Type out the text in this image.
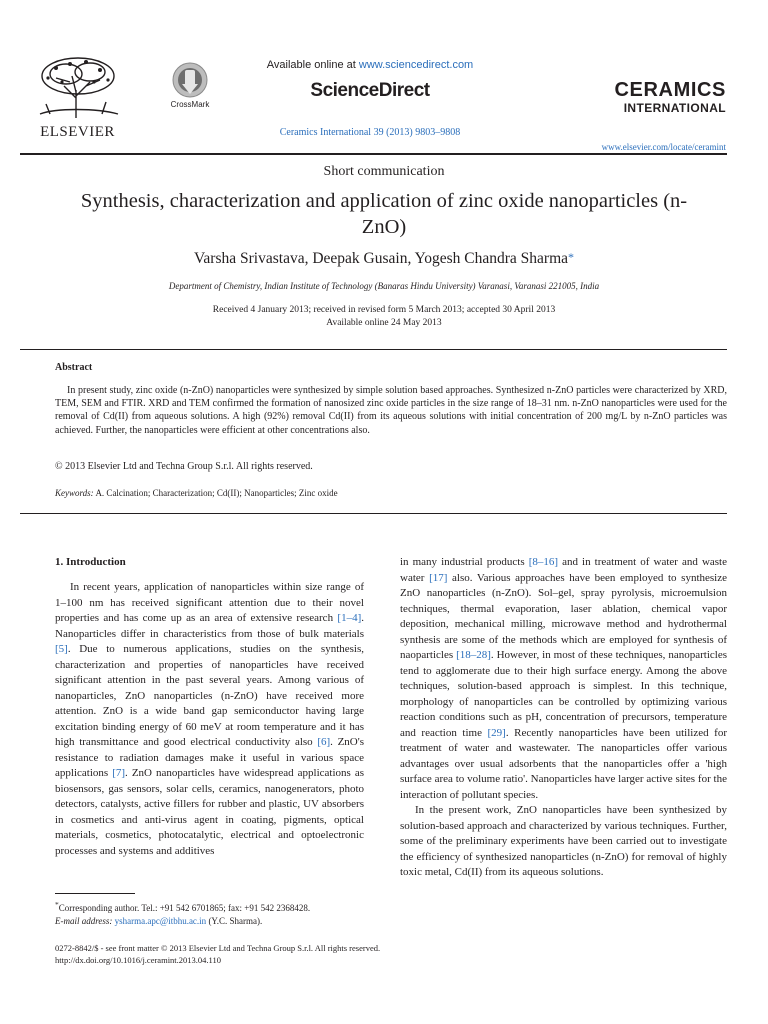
ELSEVIER
CrossMark
Available online at www.sciencedirect.com
ScienceDirect
Ceramics International 39 (2013) 9803–9808
CERAMICS
INTERNATIONAL
www.elsevier.com/locate/ceramint
Short communication
Synthesis, characterization and application of zinc oxide nanoparticles (n-ZnO)
Varsha Srivastava, Deepak Gusain, Yogesh Chandra Sharma*
Department of Chemistry, Indian Institute of Technology (Banaras Hindu University) Varanasi, Varanasi 221005, India
Received 4 January 2013; received in revised form 5 March 2013; accepted 30 April 2013
Available online 24 May 2013
Abstract
In present study, zinc oxide (n-ZnO) nanoparticles were synthesized by simple solution based approaches. Synthesized n-ZnO particles were characterized by XRD, TEM, SEM and FTIR. XRD and TEM confirmed the formation of nanosized zinc oxide particles in the size range of 18–31 nm. n-ZnO nanoparticles were used for the removal of Cd(II) from aqueous solutions. A high (92%) removal Cd(II) from its aqueous solutions with initial concentration of 200 mg/L by n-ZnO particles was achieved. Further, the nanoparticles were efficient at other concentrations also.
© 2013 Elsevier Ltd and Techna Group S.r.l. All rights reserved.
Keywords: A. Calcination; Characterization; Cd(II); Nanoparticles; Zinc oxide
1. Introduction

In recent years, application of nanoparticles within size range of 1–100 nm has received significant attention due to their novel properties and has come up as an area of extensive research [1–4]. Nanoparticles differ in characteristics from those of bulk materials [5]. Due to numerous applications, studies on the synthesis, characterization and properties of nanoparticles have received significant attention in the past several years. Among various of nanoparticles, ZnO nanoparticles (n-ZnO) have received more attention. ZnO is a wide band gap semiconductor having large excitation binding energy of 60 meV at room temperature and it has high transmittance and good electrical conductivity also [6]. ZnO's resistance to radiation damages make it useful in various space applications [7]. ZnO nanoparticles have widespread applications as biosensors, gas sensors, solar cells, ceramics, nanogenerators, photo detectors, catalysts, active fillers for rubber and plastic, UV absorbers in cosmetics and anti-virus agent in coating, pigments, optical materials, cosmetics, photocatalytic, electrical and optoelectronic processes and systems and additives

in many industrial products [8–16] and in treatment of water and waste water [17] also. Various approaches have been employed to synthesize ZnO nanoparticles (n-ZnO). Sol–gel, spray pyrolysis, microemulsion techniques, thermal evaporation, laser ablation, chemical vapor deposition, mechanical milling, microwave method and hydrothermal synthesis are some of the methods which are employed for synthesis of naoparticles [18–28]. However, in most of these techniques, nanoparticles tend to agglomerate due to their high surface energy. Among the above techniques, solution-based approach is simplest. In this technique, morphology of nanoparticles can be controlled by optimizing various reaction conditions such as pH, concentration of precursors, temperature and reaction time [29]. Recently nanoparticles have been utilized for treatment of water and wastewater. The nanoparticles offer various advantages over usual adsorbents that the nanoparticles offer a 'high surface area to volume ratio'. Nanoparticles have larger active sites for the interaction of pollutant species.

In the present work, ZnO nanoparticles have been synthesized by solution-based approach and characterized by various techniques. Further, some of the preliminary experiments have been carried out to investigate the efficiency of synthesized nanoparticles (n-ZnO) for removal of highly toxic metal, Cd(II) from its aqueous solutions.

*Corresponding author. Tel.: +91 542 6701865; fax: +91 542 2368428.
E-mail address: ysharma.apc@itbhu.ac.in (Y.C. Sharma).
0272-8842/$ - see front matter © 2013 Elsevier Ltd and Techna Group S.r.l. All rights reserved.
http://dx.doi.org/10.1016/j.ceramint.2013.04.110
